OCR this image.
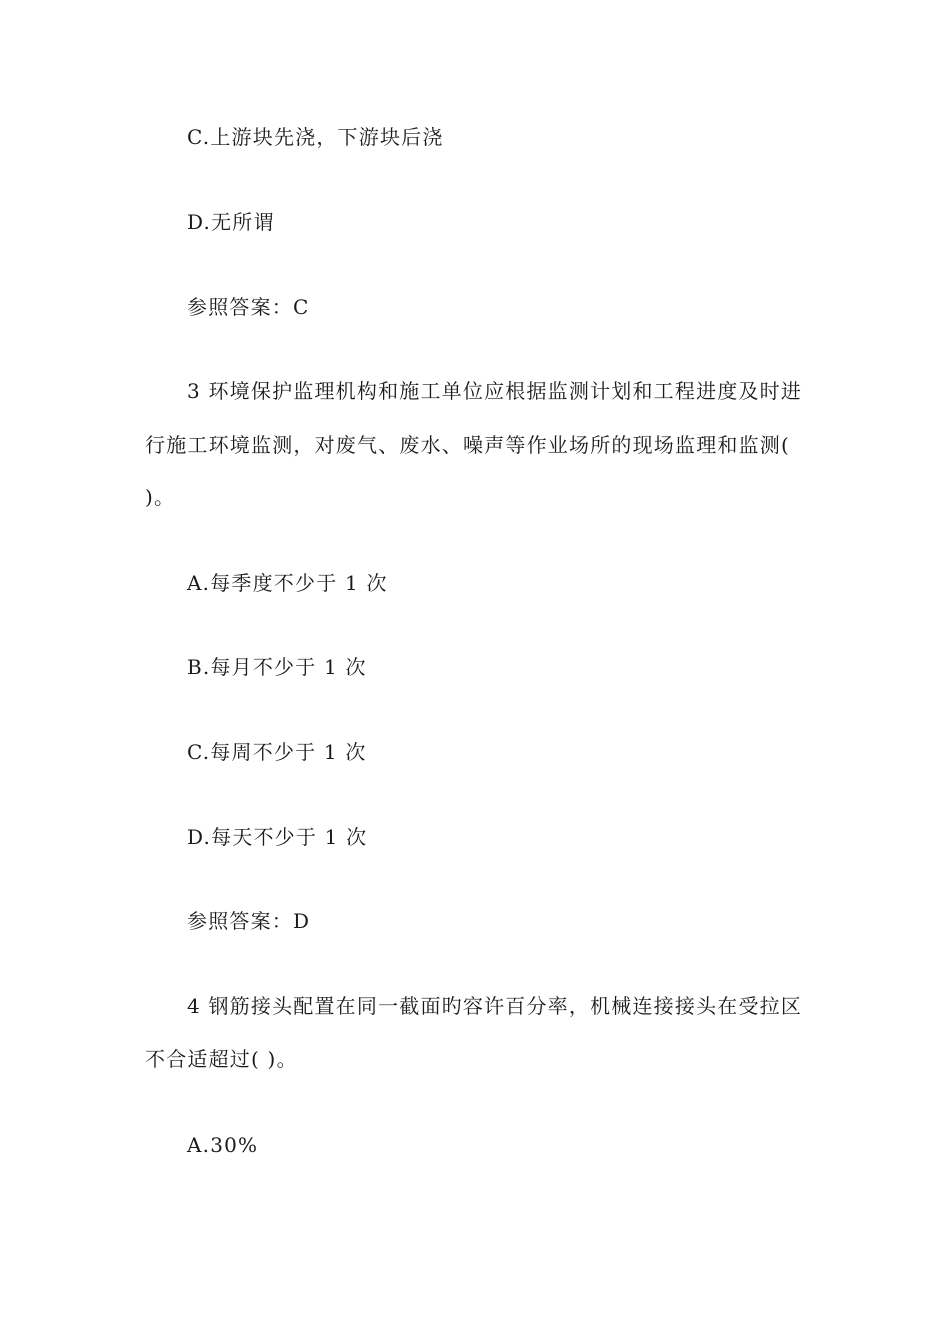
C.上游块先浇，下游块后浇
D.无所谓
参照答案：C
3 环境保护监理机构和施工单位应根据监测计划和工程进度及时进
行施工环境监测，对废气、废水、噪声等作业场所的现场监理和监测(
)。
A.每季度不少于 1 次
B.每月不少于 1 次
C.每周不少于 1 次
D.每天不少于 1 次
参照答案：D
4 钢筋接头配置在同一截面旳容许百分率，机械连接接头在受拉区
不合适超过( )。
A.30%
